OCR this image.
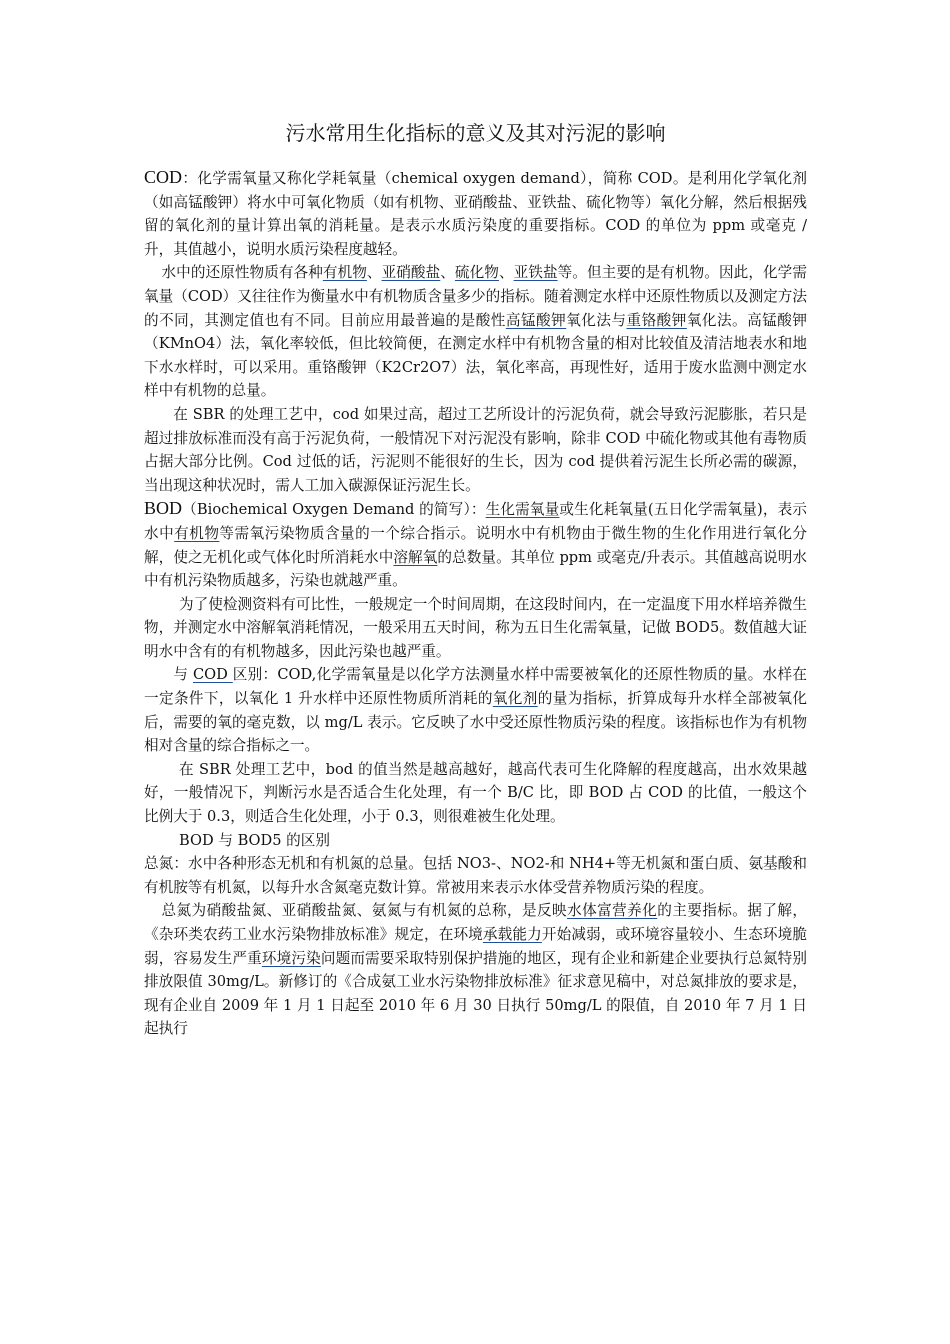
污水常用生化指标的意义及其对污泥的影响

COD：化学需氧量又称化学耗氧量（chemical oxygen demand），简称 COD。是利用化学氧化剂（如高锰酸钾）将水中可氧化物质（如有机物、亚硝酸盐、亚铁盐、硫化物等）氧化分解，然后根据残留的氧化剂的量计算出氧的消耗量。是表示水质污染度的重要指标。COD 的单位为 ppm 或毫克 / 升，其值越小，说明水质污染程度越轻。

水中的还原性物质有各种有机物、亚硝酸盐、硫化物、亚铁盐等。但主要的是有机物。因此，化学需氧量（COD）又往往作为衡量水中有机物质含量多少的指标。随着测定水样中还原性物质以及测定方法的不同，其测定值也有不同。目前应用最普遍的是酸性高锰酸钾氧化法与重铬酸钾氧化法。高锰酸钾（KMnO4）法，氧化率较低，但比较简便，在测定水样中有机物含量的相对比较值及清洁地表水和地下水水样时，可以采用。重铬酸钾（K2Cr2O7）法，氧化率高，再现性好，适用于废水监测中测定水样中有机物的总量。

在 SBR 的处理工艺中，cod 如果过高，超过工艺所设计的污泥负荷，就会导致污泥膨胀，若只是超过排放标准而没有高于污泥负荷，一般情况下对污泥没有影响，除非 COD 中硫化物或其他有毒物质占据大部分比例。Cod 过低的话，污泥则不能很好的生长，因为 cod 提供着污泥生长所必需的碳源，当出现这种状况时，需人工加入碳源保证污泥生长。

BOD（Biochemical Oxygen Demand 的简写）：生化需氧量或生化耗氧量(五日化学需氧量)，表示水中有机物等需氧污染物质含量的一个综合指示。说明水中有机物由于微生物的生化作用进行氧化分解，使之无机化或气体化时所消耗水中溶解氧的总数量。其单位 ppm 或毫克/升表示。其值越高说明水中有机污染物质越多，污染也就越严重。

为了使检测资料有可比性，一般规定一个时间周期，在这段时间内，在一定温度下用水样培养微生物，并测定水中溶解氧消耗情况，一般采用五天时间，称为五日生化需氧量，记做 BOD5。数值越大证明水中含有的有机物越多，因此污染也越严重。

与 COD 区别：COD,化学需氧量是以化学方法测量水样中需要被氧化的还原性物质的量。水样在一定条件下，以氧化 1 升水样中还原性物质所消耗的氧化剂的量为指标，折算成每升水样全部被氧化后，需要的氧的毫克数，以 mg/L 表示。它反映了水中受还原性物质污染的程度。该指标也作为有机物相对含量的综合指标之一。

在 SBR 处理工艺中，bod 的值当然是越高越好，越高代表可生化降解的程度越高，出水效果越好，一般情况下，判断污水是否适合生化处理，有一个 B/C 比，即 BOD 占 COD 的比值，一般这个比例大于 0.3，则适合生化处理，小于 0.3，则很难被生化处理。

BOD 与 BOD5 的区别

总氮：水中各种形态无机和有机氮的总量。包括 NO3-、NO2-和 NH4+等无机氮和蛋白质、氨基酸和有机胺等有机氮，以每升水含氮毫克数计算。常被用来表示水体受营养物质污染的程度。

总氮为硝酸盐氮、亚硝酸盐氮、氨氮与有机氮的总称，是反映水体富营养化的主要指标。据了解，《杂环类农药工业水污染物排放标准》规定，在环境承载能力开始减弱，或环境容量较小、生态环境脆弱，容易发生严重环境污染问题而需要采取特别保护措施的地区，现有企业和新建企业要执行总氮特别排放限值 30mg/L。新修订的《合成氨工业水污染物排放标准》征求意见稿中，对总氮排放的要求是，现有企业自 2009 年 1 月 1 日起至 2010 年 6 月 30 日执行 50mg/L 的限值，自 2010 年 7 月 1 日起执行
